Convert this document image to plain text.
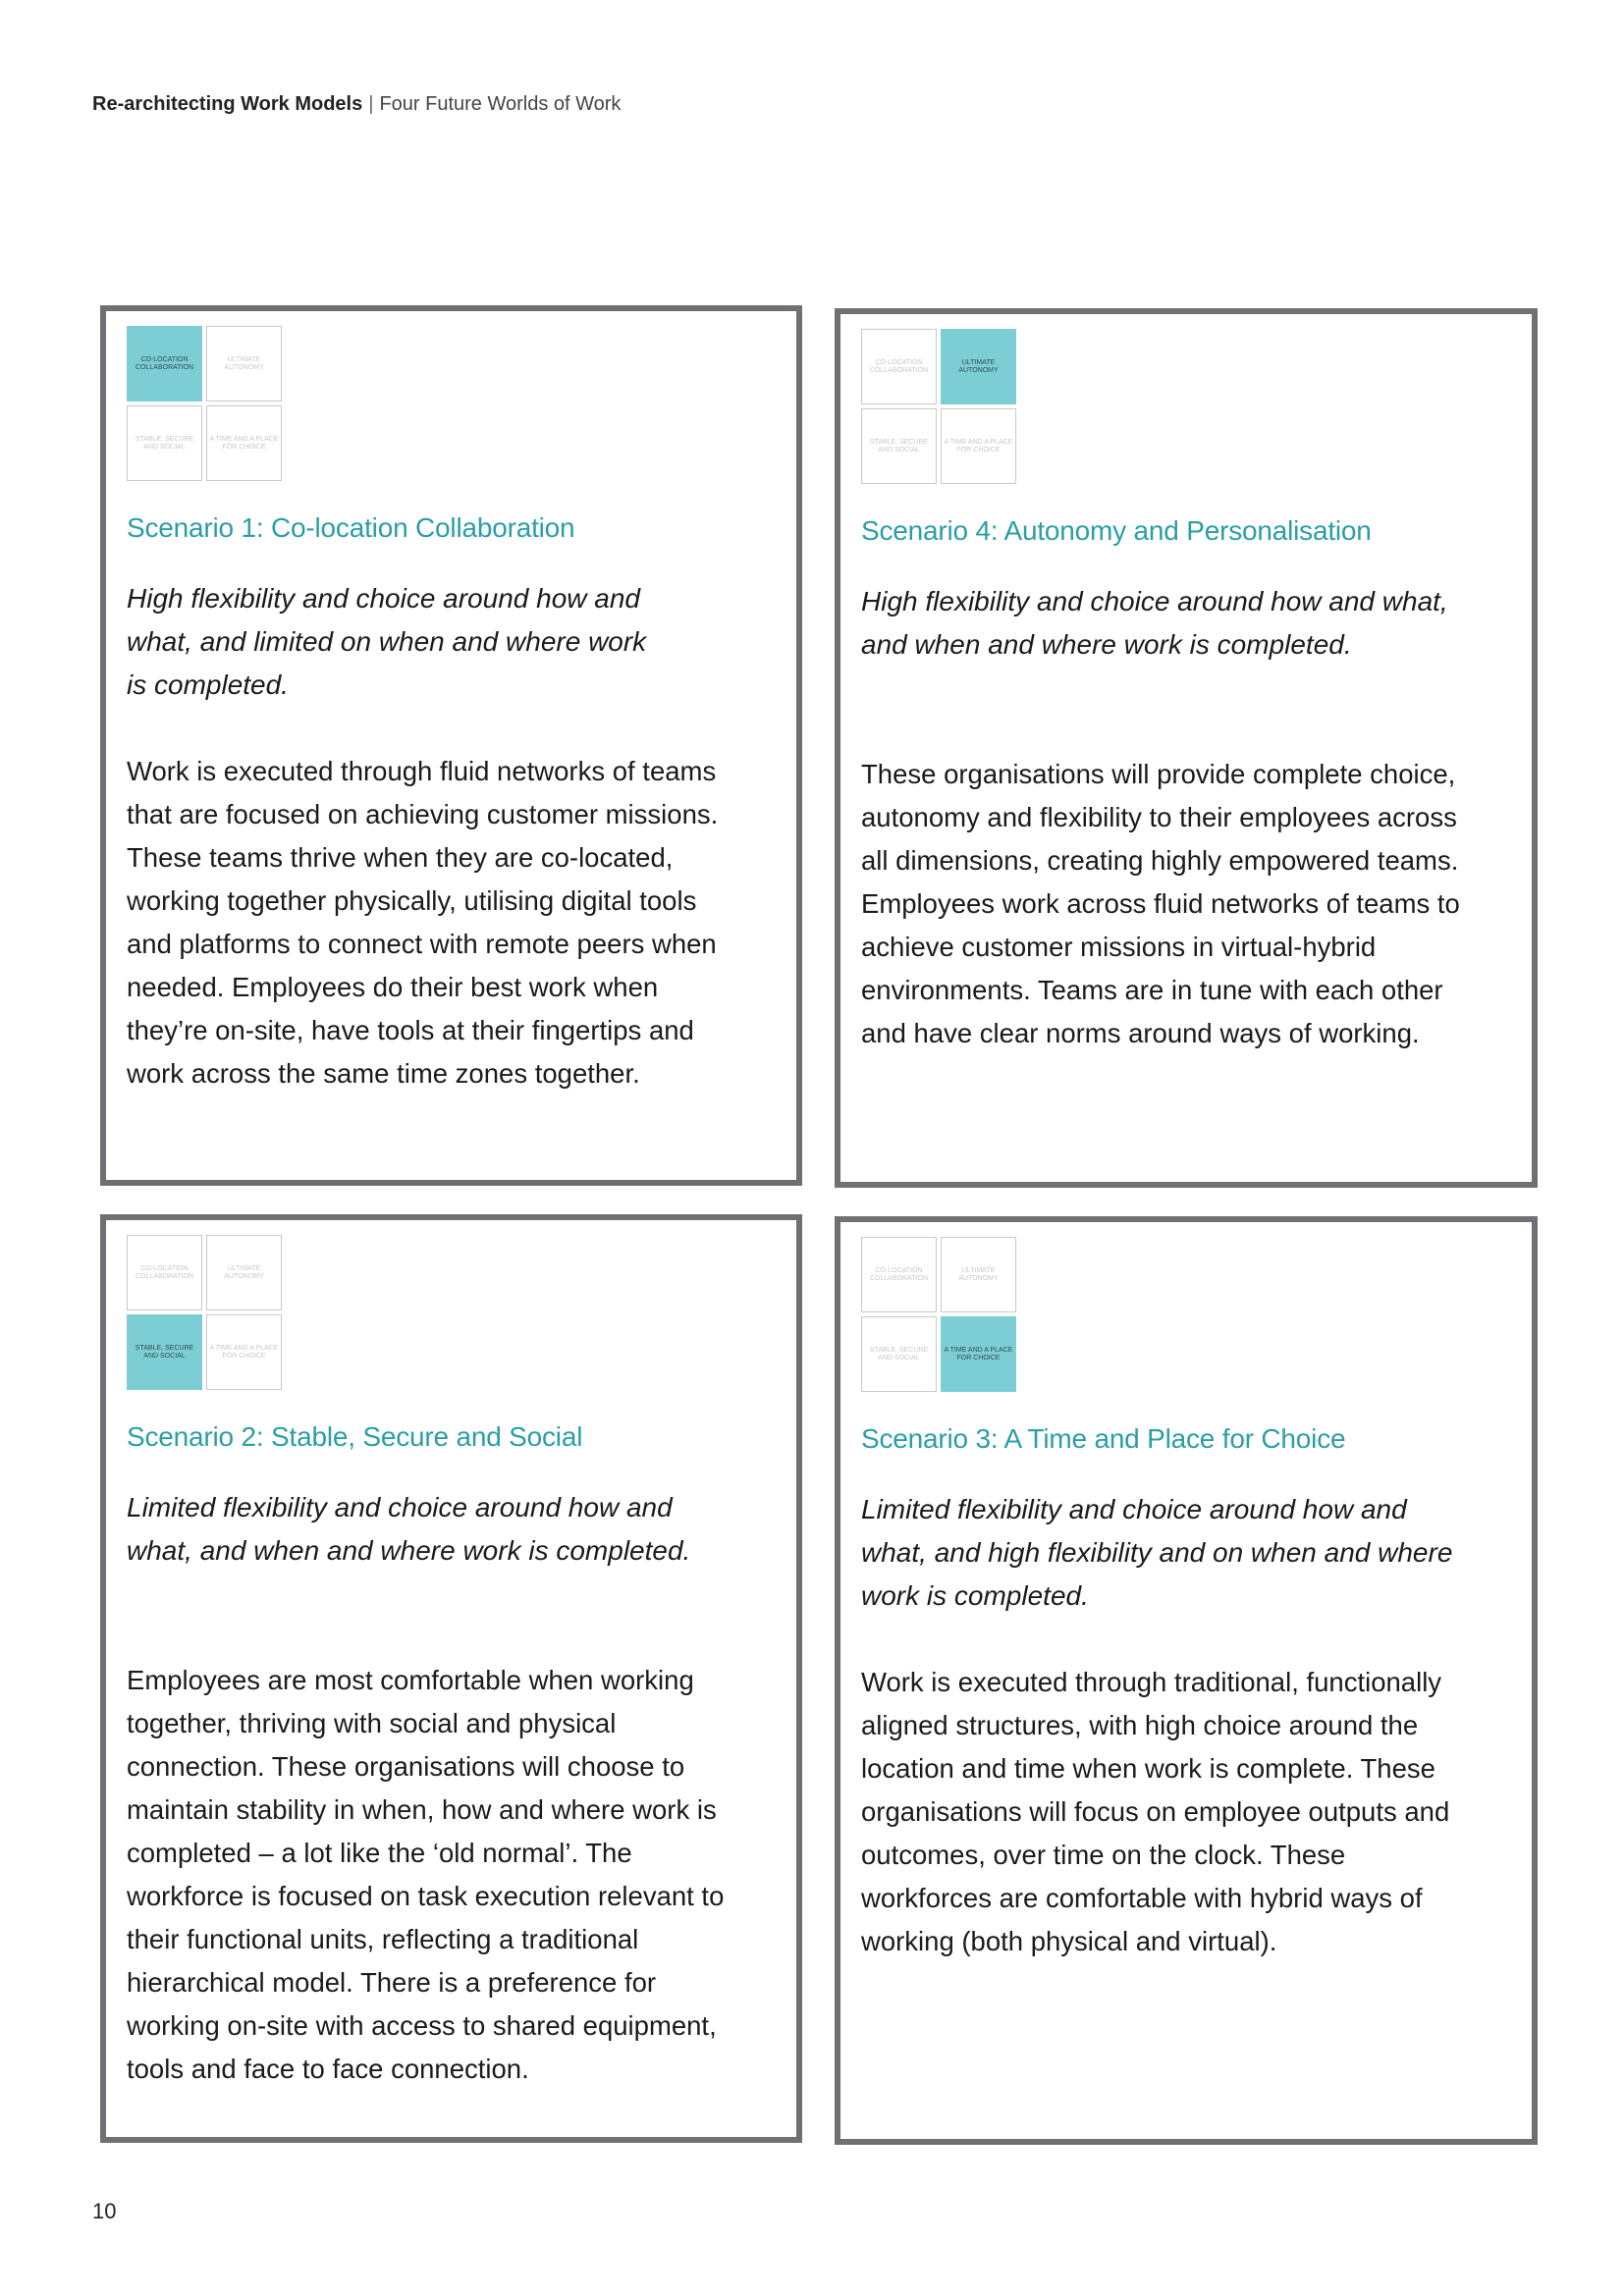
Re-architecting Work Models | Four Future Worlds of Work
CO-LOCATION COLLABORATION
ULTIMATE AUTONOMY
STABLE, SECURE AND SOCIAL
A TIME AND A PLACE FOR CHOICE
Scenario 1: Co-location Collaboration

High flexibility and choice around how and
what, and limited on when and where work
is completed.

Work is executed through fluid networks of teams
that are focused on achieving customer missions.
These teams thrive when they are co-located,
working together physically, utilising digital tools
and platforms to connect with remote peers when
needed. Employees do their best work when
they’re on-site, have tools at their fingertips and
work across the same time zones together.

CO-LOCATION COLLABORATION
ULTIMATE AUTONOMY
STABLE, SECURE AND SOCIAL
A TIME AND A PLACE FOR CHOICE
Scenario 4: Autonomy and Personalisation

High flexibility and choice around how and what,
and when and where work is completed.

These organisations will provide complete choice,
autonomy and flexibility to their employees across
all dimensions, creating highly empowered teams.
Employees work across fluid networks of teams to
achieve customer missions in virtual-hybrid
environments. Teams are in tune with each other
and have clear norms around ways of working.

CO-LOCATION COLLABORATION
ULTIMATE AUTONOMY
STABLE, SECURE AND SOCIAL
A TIME AND A PLACE FOR CHOICE
Scenario 2: Stable, Secure and Social

Limited flexibility and choice around how and
what, and when and where work is completed.

Employees are most comfortable when working
together, thriving with social and physical
connection. These organisations will choose to
maintain stability in when, how and where work is
completed – a lot like the ‘old normal’. The
workforce is focused on task execution relevant to
their functional units, reflecting a traditional
hierarchical model. There is a preference for
working on-site with access to shared equipment,
tools and face to face connection.

CO-LOCATION COLLABORATION
ULTIMATE AUTONOMY
STABLE, SECURE AND SOCIAL
A TIME AND A PLACE FOR CHOICE
Scenario 3: A Time and Place for Choice

Limited flexibility and choice around how and
what, and high flexibility and on when and where
work is completed.

Work is executed through traditional, functionally
aligned structures, with high choice around the
location and time when work is complete. These
organisations will focus on employee outputs and
outcomes, over time on the clock. These
workforces are comfortable with hybrid ways of
working (both physical and virtual).

10
